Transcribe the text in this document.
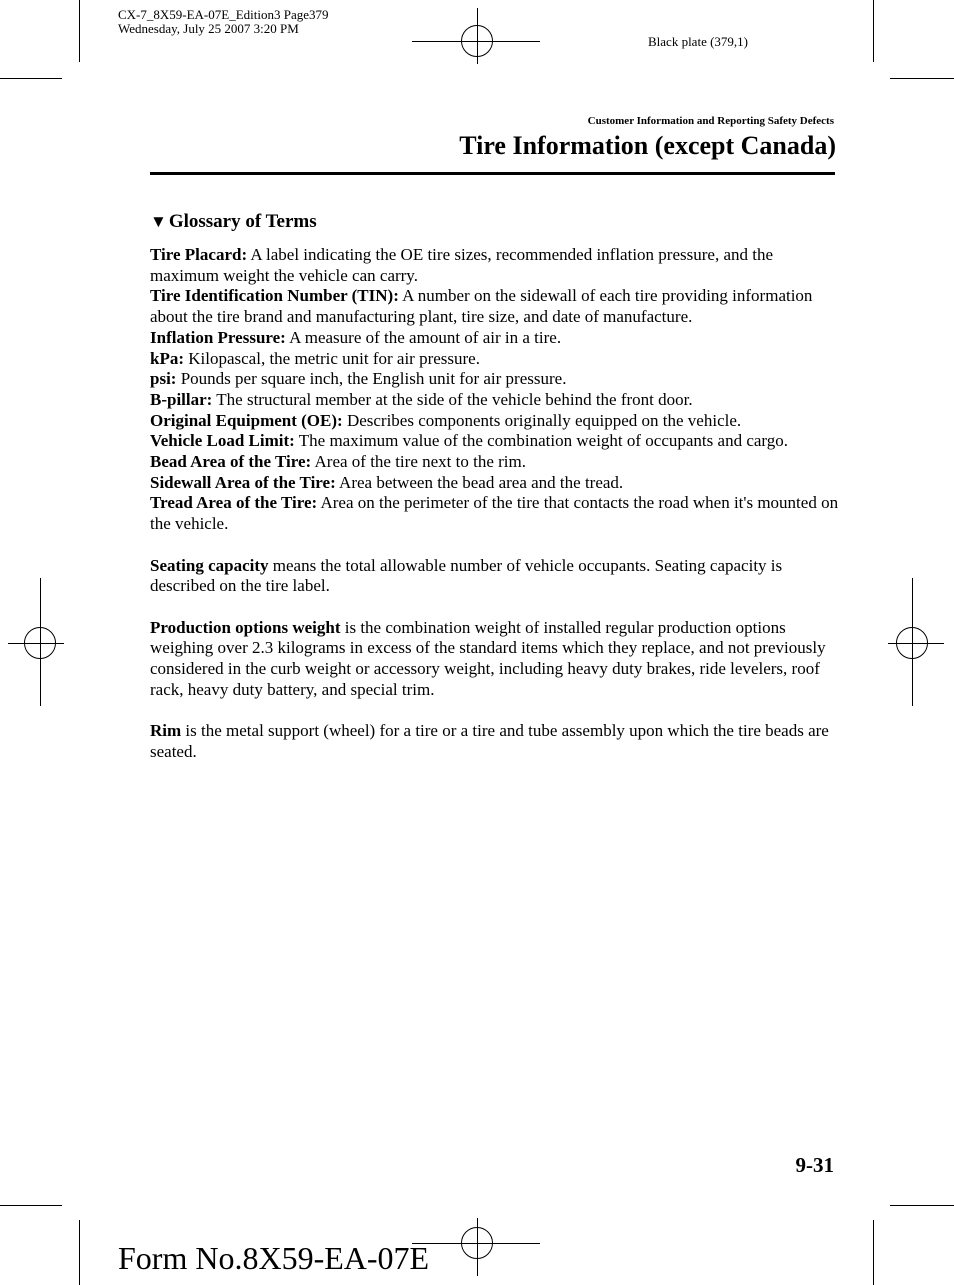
CX-7_8X59-EA-07E_Edition3 Page379
Wednesday, July 25 2007 3:20 PM
Black plate (379,1)
Customer Information and Reporting Safety Defects
Tire Information (except Canada)
▼ Glossary of Terms

Tire Placard: A label indicating the OE tire sizes, recommended inflation pressure, and the maximum weight the vehicle can carry.

Tire Identification Number (TIN): A number on the sidewall of each tire providing information about the tire brand and manufacturing plant, tire size, and date of manufacture.

Inflation Pressure: A measure of the amount of air in a tire.

kPa: Kilopascal, the metric unit for air pressure.

psi: Pounds per square inch, the English unit for air pressure.

B-pillar: The structural member at the side of the vehicle behind the front door.

Original Equipment (OE): Describes components originally equipped on the vehicle.

Vehicle Load Limit: The maximum value of the combination weight of occupants and cargo.

Bead Area of the Tire: Area of the tire next to the rim.

Sidewall Area of the Tire: Area between the bead area and the tread.

Tread Area of the Tire: Area on the perimeter of the tire that contacts the road when it's mounted on the vehicle.

Seating capacity means the total allowable number of vehicle occupants. Seating capacity is described on the tire label.

Production options weight is the combination weight of installed regular production options weighing over 2.3 kilograms in excess of the standard items which they replace, and not previously considered in the curb weight or accessory weight, including heavy duty brakes, ride levelers, roof rack, heavy duty battery, and special trim.

Rim is the metal support (wheel) for a tire or a tire and tube assembly upon which the tire beads are seated.

9-31
Form No.8X59-EA-07E
